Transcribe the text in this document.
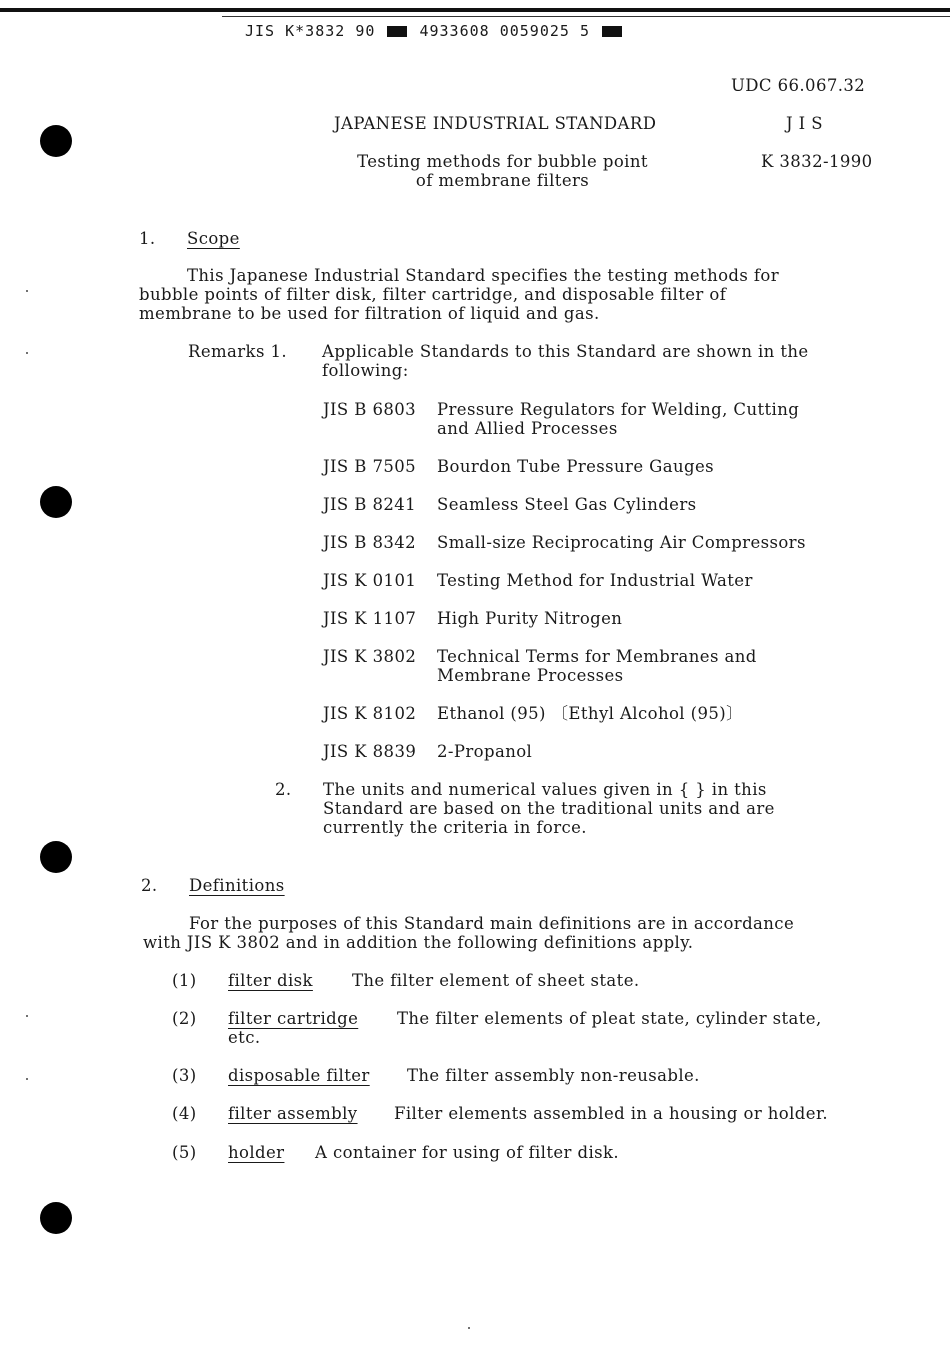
JIS K*3832 90	4933608 0059025 5
UDC 66.067.32
JAPANESE INDUSTRIAL STANDARD	J I S
Testing methods for bubble point
of membrane filters
K 3832-1990
1. Scope
This Japanese Industrial Standard specifies the testing methods for
bubble points of filter disk, filter cartridge, and disposable filter of
membrane to be used for filtration of liquid and gas.
Remarks 1. Applicable Standards to this Standard are shown in the
following:
JIS B 6803 Pressure Regulators for Welding, Cutting
and Allied Processes
JIS B 7505 Bourdon Tube Pressure Gauges
JIS B 8241 Seamless Steel Gas Cylinders
JIS B 8342 Small-size Reciprocating Air Compressors
JIS K 0101 Testing Method for Industrial Water
JIS K 1107 High Purity Nitrogen
JIS K 3802 Technical Terms for Membranes and
Membrane Processes
JIS K 8102 Ethanol (95) 〔Ethyl Alcohol (95)〕
JIS K 8839 2-Propanol
2. The units and numerical values given in { } in this
Standard are based on the traditional units and are
currently the criteria in force.
2. Definitions
For the purposes of this Standard main definitions are in accordance
with JIS K 3802 and in addition the following definitions apply.
(1) filter disk The filter element of sheet state.
(2) filter cartridge The filter elements of pleat state, cylinder state,
etc.
(3) disposable filter The filter assembly non-reusable.
(4) filter assembly Filter elements assembled in a housing or holder.
(5) holder A container for using of filter disk.
